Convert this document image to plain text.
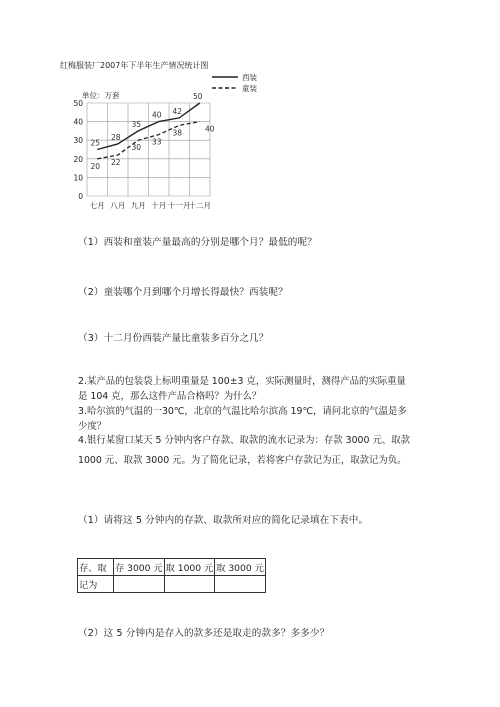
红梅服装厂2007年下半年生产情况统计图
单位：万套
0
10
20
30
40
50
七月 八月 九月 十月 十一月
十二月
25
28
35
40 42
50
20 22
30
33
38	40
西装
童装
（1）西装和童装产量最高的分别是哪个月？最低的呢？
（2）童装哪个月到哪个月增长得最快？西装呢？
（3）十二月份西装产量比童装多百分之几？
2.某产品的包装袋上标明重量是 100±3 克，实际测量时，测得产品的实际重量
是 104 克，那么这件产品合格吗？为什么？
3.哈尔滨的气温的一30℃，北京的气温比哈尔滨高 19℃，请问北京的气温是多
少度？
4.银行某窗口某天 5 分钟内客户存款、取款的流水记录为：存款 3000 元、取款
1000 元、取款 3000 元。为了简化记录，若将客户存款记为正，取款记为负。
（1）请将这 5 分钟内的存款、取款所对应的简化记录填在下表中。
存、取	存 3000 元	取 1000 元	取 3000 元
记为			
（2）这 5 分钟内是存入的款多还是取走的款多？多多少？
